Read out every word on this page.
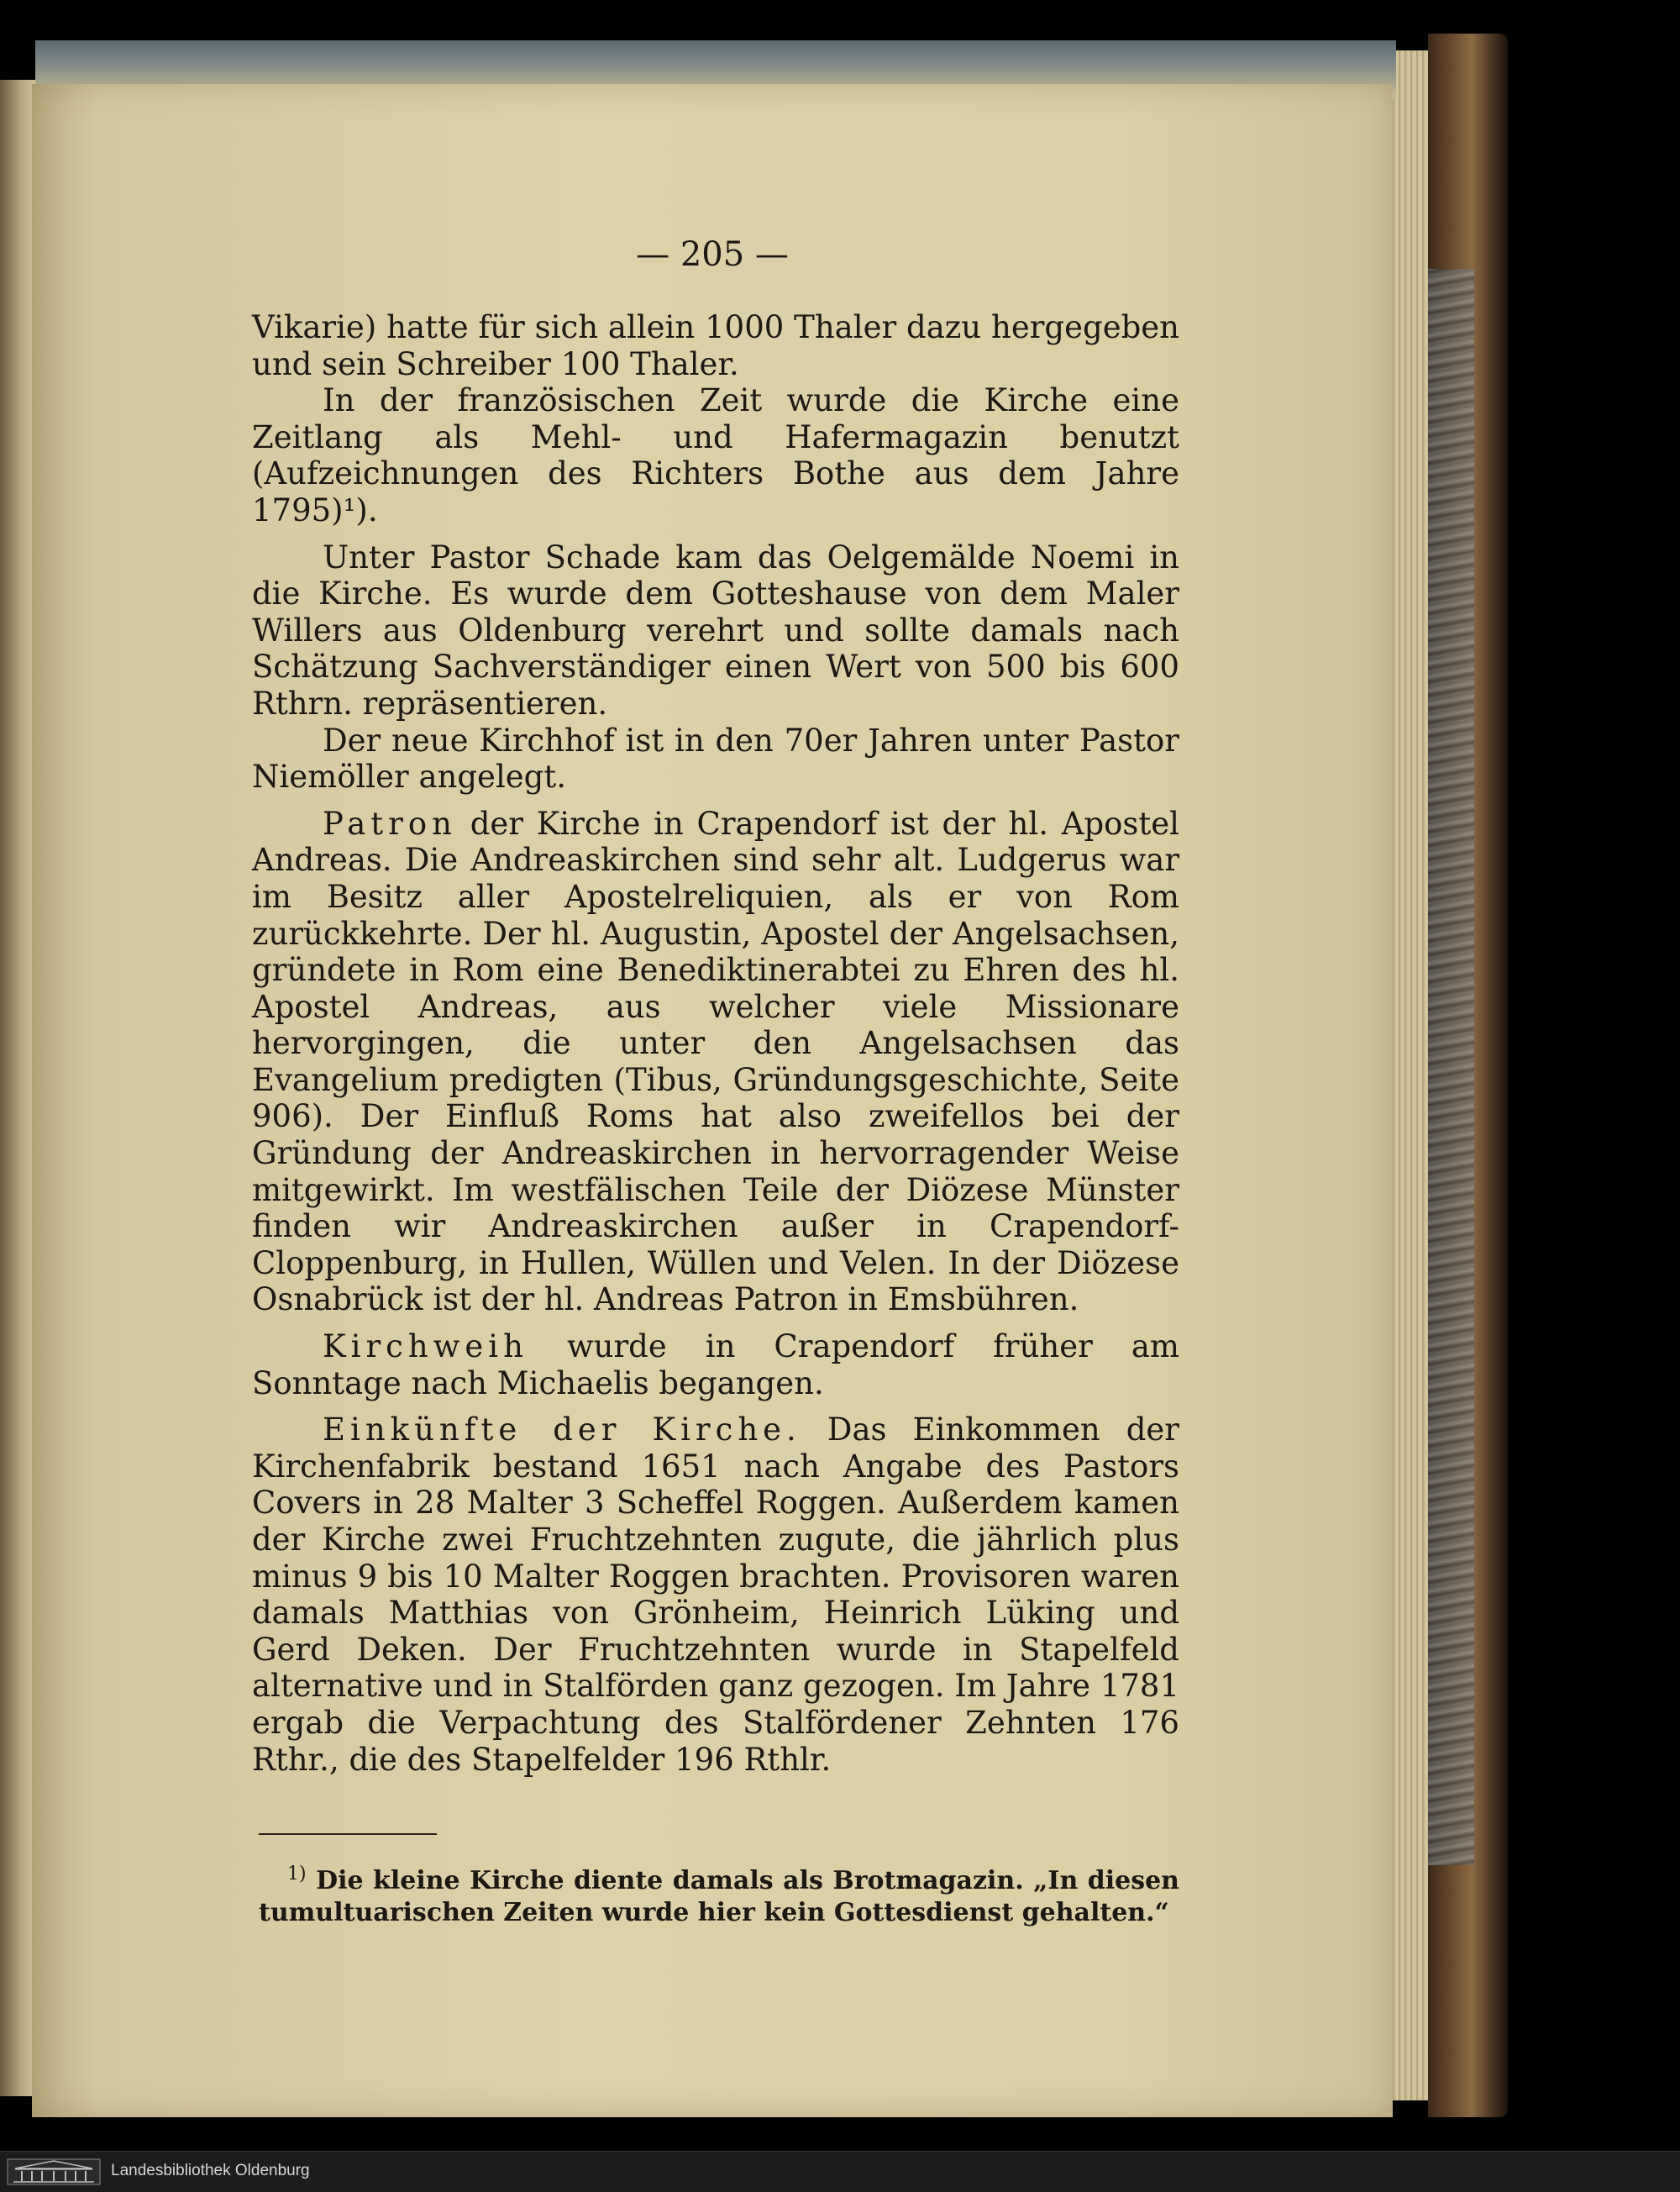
— 205 —

Vikarie) hatte für sich allein 1000 Thaler dazu hergegeben und sein Schreiber 100 Thaler.

In der französischen Zeit wurde die Kirche eine Zeitlang als Mehl- und Hafermagazin benutzt (Aufzeichnungen des Richters Bothe aus dem Jahre 1795)¹).

Unter Pastor Schade kam das Oelgemälde Noemi in die Kirche. Es wurde dem Gotteshause von dem Maler Willers aus Oldenburg verehrt und sollte damals nach Schätzung Sachverständiger einen Wert von 500 bis 600 Rthrn. repräsentieren.

Der neue Kirchhof ist in den 70er Jahren unter Pastor Niemöller angelegt.

Patron der Kirche in Crapendorf ist der hl. Apostel Andreas. Die Andreaskirchen sind sehr alt. Ludgerus war im Besitz aller Apostelreliquien, als er von Rom zurückkehrte. Der hl. Augustin, Apostel der Angelsachsen, gründete in Rom eine Benediktinerabtei zu Ehren des hl. Apostel Andreas, aus welcher viele Missionare hervorgingen, die unter den Angelsachsen das Evangelium predigten (Tibus, Gründungsgeschichte, Seite 906). Der Einfluß Roms hat also zweifellos bei der Gründung der Andreaskirchen in hervorragender Weise mitgewirkt. Im westfälischen Teile der Diözese Münster finden wir Andreaskirchen außer in Crapendorf-Cloppenburg, in Hullen, Wüllen und Velen. In der Diözese Osnabrück ist der hl. Andreas Patron in Emsbühren.

Kirchweih wurde in Crapendorf früher am Sonntage nach Michaelis begangen.

Einkünfte der Kirche. Das Einkommen der Kirchenfabrik bestand 1651 nach Angabe des Pastors Covers in 28 Malter 3 Scheffel Roggen. Außerdem kamen der Kirche zwei Fruchtzehnten zugute, die jährlich plus minus 9 bis 10 Malter Roggen brachten. Provisoren waren damals Matthias von Grönheim, Heinrich Lüking und Gerd Deken. Der Fruchtzehnten wurde in Stapelfeld alternative und in Stalförden ganz gezogen. Im Jahre 1781 ergab die Verpachtung des Stalfördener Zehnten 176 Rthr., die des Stapelfelder 196 Rthlr.

$^{1)}$ Die kleine Kirche diente damals als Brotmagazin. „In diesen tumultuarischen Zeiten wurde hier kein Gottesdienst gehalten.“

Landesbibliothek Oldenburg
